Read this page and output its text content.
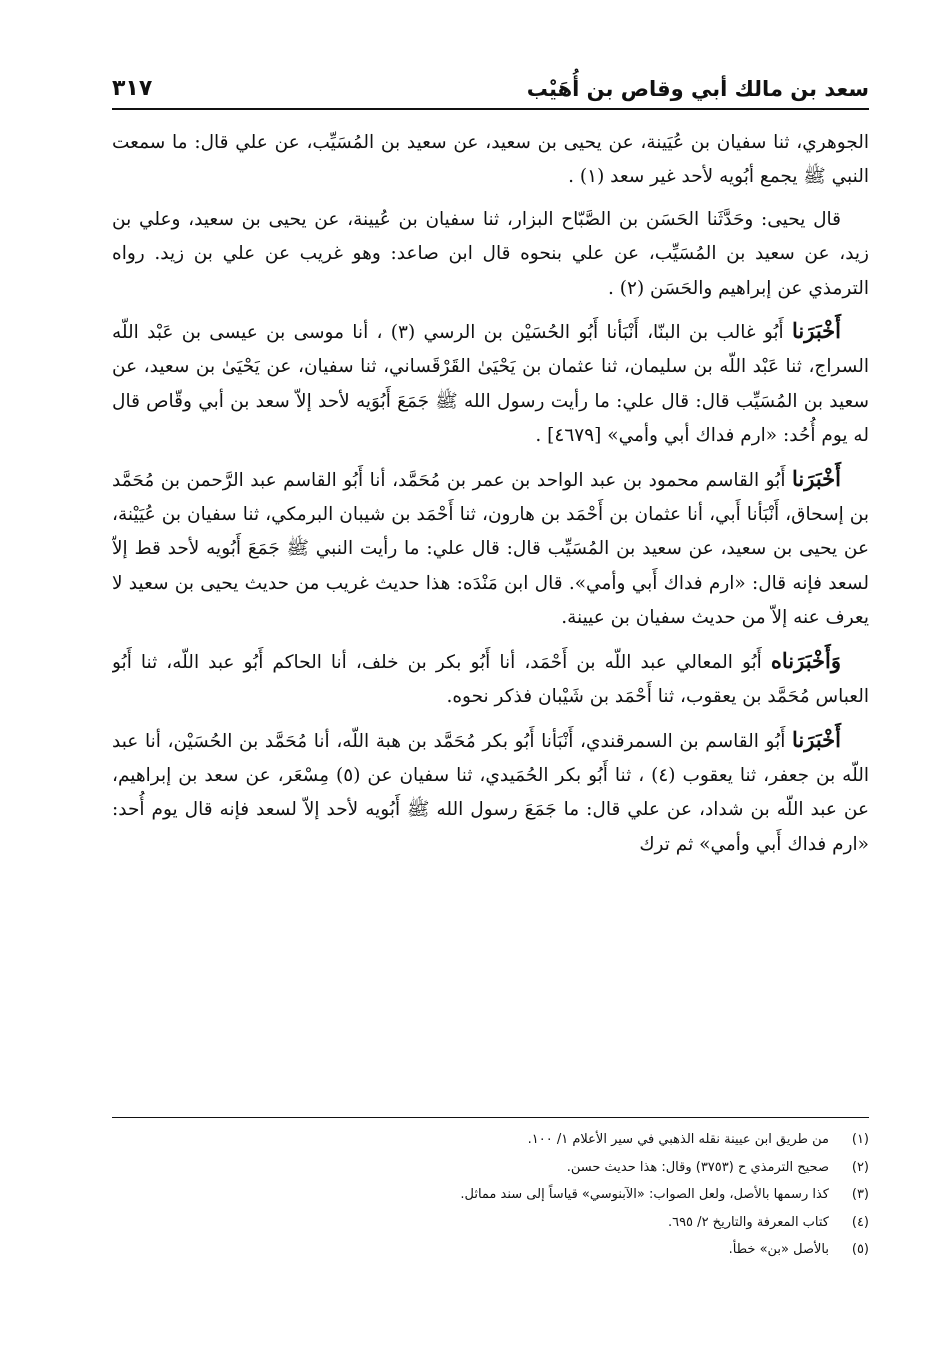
سعد بن مالك أبي وقاص بن أُهَيْب
٣١٧

الجوهري، ثنا سفيان بن عُيَينة، عن يحيى بن سعيد، عن سعيد بن المُسَيِّب، عن علي قال: ما سمعت النبي ﷺ يجمع أبُويه لأحد غير سعد (١) .

قال يحيى: وحَدَّثَنا الحَسَن بن الصَّبّاح البزار، ثنا سفيان بن عُيينة، عن يحيى بن سعيد، وعلي بن زيد، عن سعيد بن المُسَيِّب، عن علي بنحوه قال ابن صاعد: وهو غريب عن علي بن زيد. رواه الترمذي عن إبراهيم والحَسَن (٢) .

أَخْبَرَنا أَبُو غالب بن البنّا، أَنْبَأنا أَبُو الحُسَيْن بن الرسي (٣) ، أنا موسى بن عيسى بن عَبْد اللّه السراج، ثنا عَبْد اللّه بن سليمان، ثنا عثمان بن يَحْيَىٰ القَرْقَساني، ثنا سفيان، عن يَحْيَىٰ بن سعيد، عن سعيد بن المُسَيِّب قال: قال علي: ما رأيت رسول الله ﷺ جَمَعَ أَبُوَيه لأحد إلاّ سعد بن أبي وقّاص قال له يوم أُحُد: «ارم فداك أبي وأمي» [٤٦٧٩] .

أَخْبَرَنا أَبُو القاسم محمود بن عبد الواحد بن عمر بن مُحَمَّد، أنا أَبُو القاسم عبد الرَّحمن بن مُحَمَّد بن إسحاق، أَنْبَأنا أَبي، أنا عثمان بن أَحْمَد بن هارون، ثنا أَحْمَد بن شيبان البرمكي، ثنا سفيان بن عُيَيْنة، عن يحيى بن سعيد، عن سعيد بن المُسَيِّب قال: قال علي: ما رأيت النبي ﷺ جَمَعَ أَبُويه لأحد قط إلاّ لسعد فإنه قال: «ارم فداك أَبي وأمي». قال ابن مَنْدَه: هذا حديث غريب من حديث يحيى بن سعيد لا يعرف عنه إلاّ من حديث سفيان بن عيينة.

وَأَخْبَرَناه أَبُو المعالي عبد اللّه بن أَحْمَد، أنا أَبُو بكر بن خلف، أنا الحاكم أَبُو عبد اللّه، ثنا أَبُو العباس مُحَمَّد بن يعقوب، ثنا أَحْمَد بن شَيْبان فذكر نحوه.

أَخْبَرَنا أَبُو القاسم بن السمرقندي، أَنْبَأنا أَبُو بكر مُحَمَّد بن هبة اللّه، أنا مُحَمَّد بن الحُسَيْن، أنا عبد اللّه بن جعفر، ثنا يعقوب (٤) ، ثنا أَبُو بكر الحُمَيدي، ثنا سفيان عن (٥) مِسْعَر، عن سعد بن إبراهيم، عن عبد اللّه بن شداد، عن علي قال: ما جَمَعَ رسول الله ﷺ أَبُويه لأحد إلاّ لسعد فإنه قال يوم أُحد: «ارم فداك أَبي وأمي» ثم ترك

(١)من طريق ابن عيينة نقله الذهبي في سير الأعلام ١/ ١٠٠.
(٢)صحيح الترمذي ح (٣٧٥٣) وقال: هذا حديث حسن.
(٣)كذا رسمها بالأصل، ولعل الصواب: «الآبنوسي» قياساً إلى سند مماثل.
(٤)كتاب المعرفة والتاريخ ٢/ ٦٩٥.
(٥)بالأصل «بن» خطأ.
